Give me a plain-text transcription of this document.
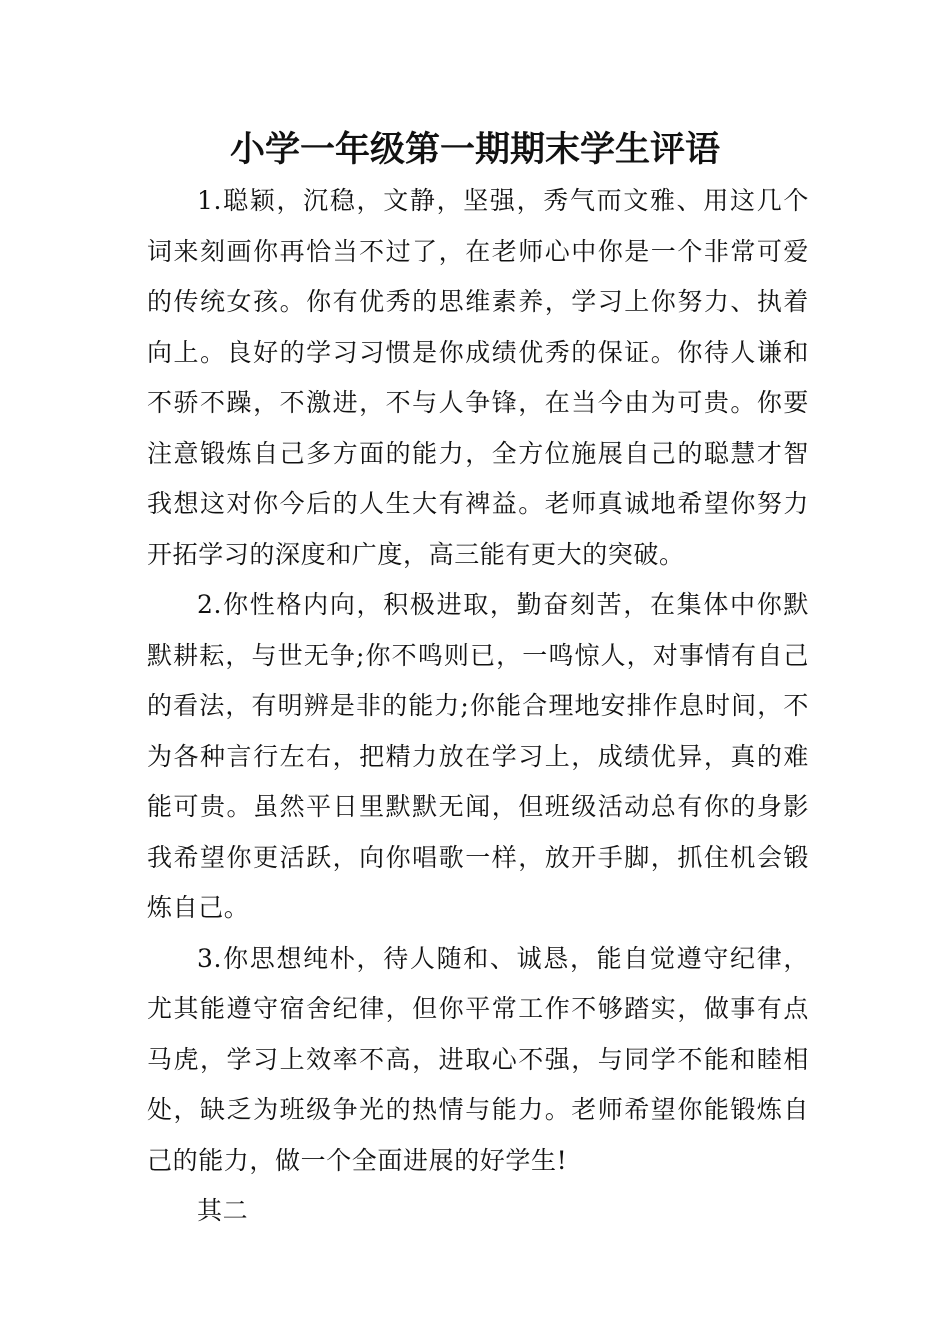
小学一年级第一期期末学生评语

1.聪颖，沉稳，文静，坚强，秀气而文雅、用这几个词来刻画你再恰当不过了，在老师心中你是一个非常可爱的传统女孩。你有优秀的思维素养，学习上你努力、执着向上。良好的学习习惯是你成绩优秀的保证。你待人谦和不骄不躁，不激进，不与人争锋，在当今由为可贵。你要注意锻炼自己多方面的能力，全方位施展自己的聪慧才智我想这对你今后的人生大有裨益。老师真诚地希望你努力开拓学习的深度和广度，高三能有更大的突破。

2.你性格内向，积极进取，勤奋刻苦，在集体中你默默耕耘，与世无争;你不鸣则已，一鸣惊人，对事情有自己的看法，有明辨是非的能力;你能合理地安排作息时间，不为各种言行左右，把精力放在学习上，成绩优异，真的难能可贵。虽然平日里默默无闻，但班级活动总有你的身影我希望你更活跃，向你唱歌一样，放开手脚，抓住机会锻炼自己。

3.你思想纯朴，待人随和、诚恳，能自觉遵守纪律，尤其能遵守宿舍纪律，但你平常工作不够踏实，做事有点马虎，学习上效率不高，进取心不强，与同学不能和睦相处，缺乏为班级争光的热情与能力。老师希望你能锻炼自己的能力，做一个全面进展的好学生!

其二
